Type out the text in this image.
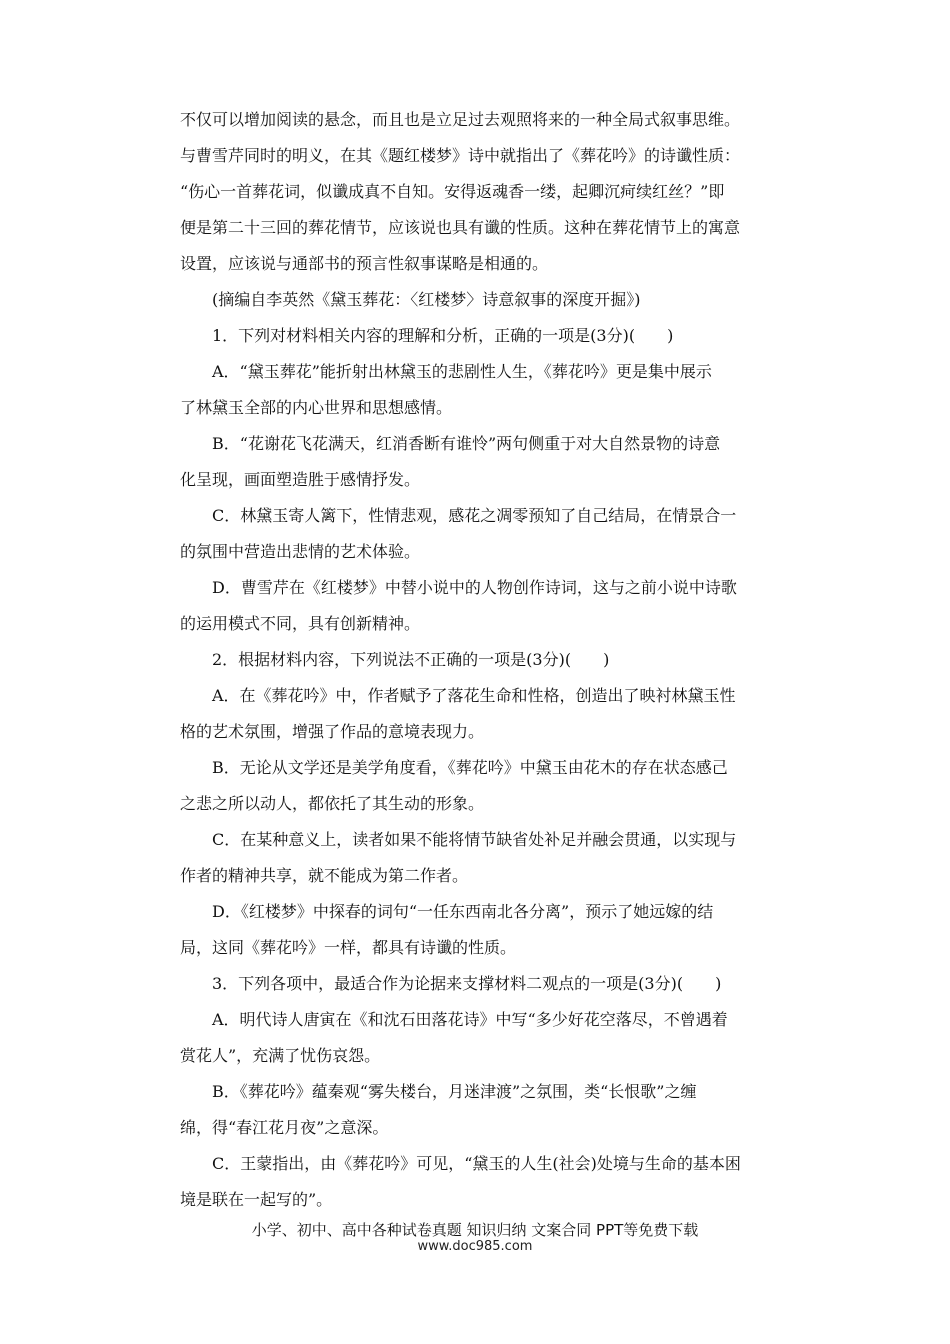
不仅可以增加阅读的悬念，而且也是立足过去观照将来的一种全局式叙事思维。
与曹雪芹同时的明义，在其《题红楼梦》诗中就指出了《葬花吟》的诗谶性质：
“伤心一首葬花词，似谶成真不自知。安得返魂香一缕，起卿沉疴续红丝？”即
便是第二十三回的葬花情节，应该说也具有谶的性质。这种在葬花情节上的寓意
设置，应该说与通部书的预言性叙事谋略是相通的。
(摘编自李英然《黛玉葬花：〈红楼梦〉诗意叙事的深度开掘》)
1．下列对材料相关内容的理解和分析，正确的一项是(3分)(　　)
A．“黛玉葬花”能折射出林黛玉的悲剧性人生，《葬花吟》更是集中展示
了林黛玉全部的内心世界和思想感情。
B．“花谢花飞花满天，红消香断有谁怜”两句侧重于对大自然景物的诗意
化呈现，画面塑造胜于感情抒发。
C．林黛玉寄人篱下，性情悲观，感花之凋零预知了自己结局，在情景合一
的氛围中营造出悲情的艺术体验。
D．曹雪芹在《红楼梦》中替小说中的人物创作诗词，这与之前小说中诗歌
的运用模式不同，具有创新精神。
2．根据材料内容，下列说法不正确的一项是(3分)(　　)
A．在《葬花吟》中，作者赋予了落花生命和性格，创造出了映衬林黛玉性
格的艺术氛围，增强了作品的意境表现力。
B．无论从文学还是美学角度看，《葬花吟》中黛玉由花木的存在状态感己
之悲之所以动人，都依托了其生动的形象。
C．在某种意义上，读者如果不能将情节缺省处补足并融会贯通，以实现与
作者的精神共享，就不能成为第二作者。
D．《红楼梦》中探春的词句“一任东西南北各分离”，预示了她远嫁的结
局，这同《葬花吟》一样，都具有诗谶的性质。
3．下列各项中，最适合作为论据来支撑材料二观点的一项是(3分)(　　)
A．明代诗人唐寅在《和沈石田落花诗》中写“多少好花空落尽，不曾遇着
赏花人”，充满了忧伤哀怨。
B．《葬花吟》蕴秦观“雾失楼台，月迷津渡”之氛围，类“长恨歌”之缠
绵，得“春江花月夜”之意深。
C．王蒙指出，由《葬花吟》可见，“黛玉的人生(社会)处境与生命的基本困
境是联在一起写的”。
小学、初中、高中各种试卷真题 知识归纳 文案合同 PPT等免费下载
www.doc985.com
